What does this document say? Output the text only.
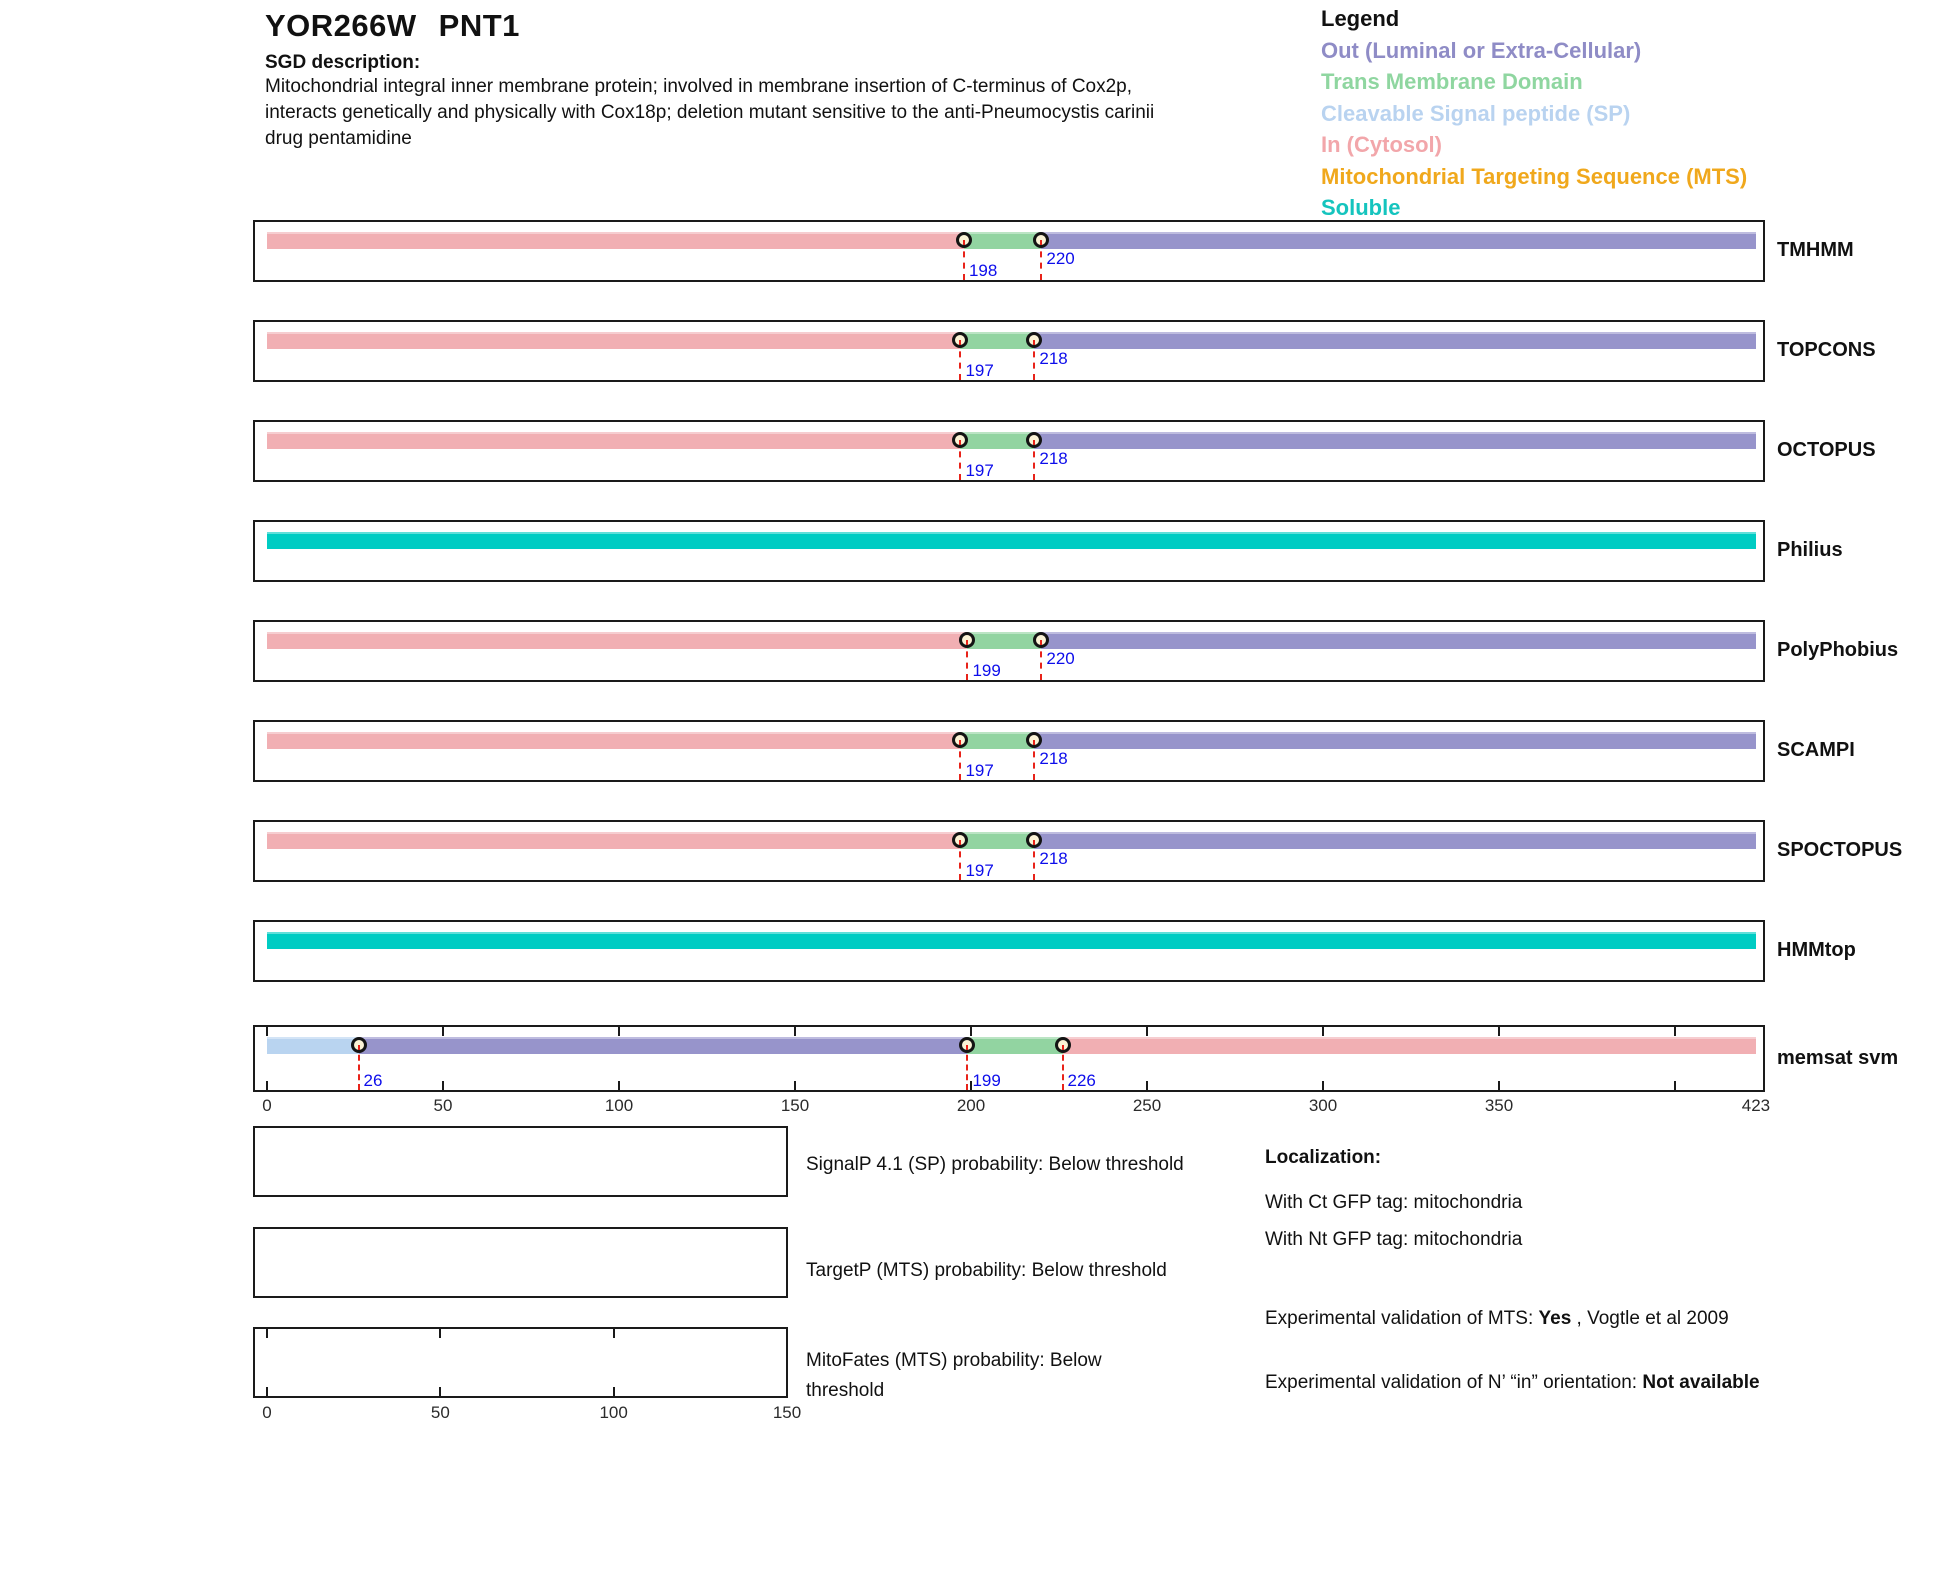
YOR266W PNT1
SGD description:
Mitochondrial integral inner membrane protein; involved in membrane insertion of C-terminus of Cox2p,
interacts genetically and physically with Cox18p; deletion mutant sensitive to the anti-Pneumocystis carinii
drug pentamidine
Legend
Out (Luminal or Extra-Cellular)
Trans Membrane Domain
Cleavable Signal peptide (SP)
In (Cytosol)
Mitochondrial Targeting Sequence (MTS)
Soluble
198
220	TMHMM
197
218	TOPCONS
197
218	OCTOPUS
Philius
199
220	PolyPhobius
197
218	SCAMPI
197
218	SPOCTOPUS
HMMtop
26	199	226
memsat svm
0	50	100	150	200	250	300	350	423
0	50	100	150
SignalP 4.1 (SP) probability: Below threshold
TargetP (MTS) probability: Below threshold
MitoFates (MTS) probability: Below threshold
Localization:
With Ct GFP tag: mitochondria
With Nt GFP tag: mitochondria
Experimental validation of MTS: Yes , Vogtle et al 2009
Experimental validation of N’ “in” orientation: Not available
